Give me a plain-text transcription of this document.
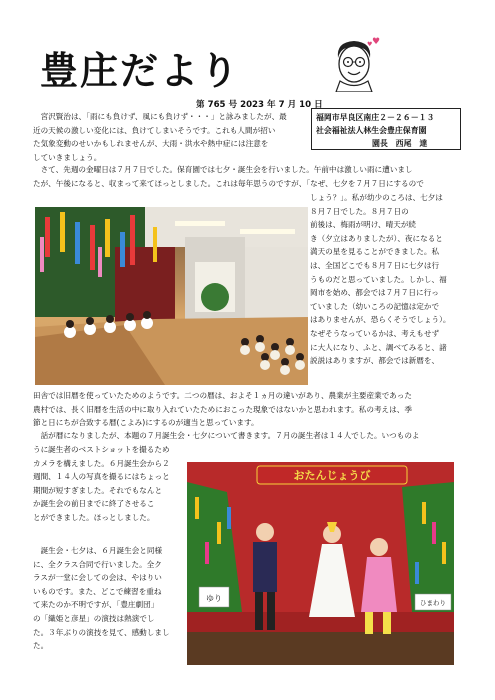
豊庄だより
♥
♥
第 765 号 2023 年 7 月 10 日
福岡市早良区南庄２－２６－１３
社会福祉法人林生会豊庄保育園
園長　西尾　達
　宮沢賢治は、「雨にも負けず、風にも負けず・・・」と詠みましたが、最
近の天候の激しい変化には、負けてしまいそうです。これも人間が招い
た気象変動のせいかもしれませんが、大雨・洪水や熱中症には注意を
していきましょう。
　さて、先週の金曜日は７月７日でした。保育園では七夕・誕生会を行いました。午前中は激しい雨に遭いまし
たが、午後になると、収まって来てほっとしました。これは毎年思うのですが、「なぜ、七夕を７月７日にするので
しょう？」。私が幼少のころは、七夕は
８月７日でした。８月７日の
前後は、梅雨が明け、晴天が続
き（夕立はありましたが）、夜になると
満天の星を見ることができました。私
は、全国どこでも８月７日に七夕は行
うものだと思っていました。しかし、福
岡市を始め、都会では７月７日に行っ
ていました（幼いころの記憶は定かで
はありませんが、恐らくそうでしょう）。
なぜそうなっているかは、考えもせず
に大人になり、ふと、調べてみると、諸
説説はありますが、都会では新暦を、
田舎では旧暦を使っていたためのようです。二つの暦は、およそ１ヵ月の違いがあり、農業が主要産業であった
農村では、長く旧暦を生活の中に取り入れていたためにおこった現象ではないかと思われます。私の考えは、季
節と日にちが合致する暦(こよみ)にするのが適当と思っています。
　話が暦になりましたが、本題の７月誕生会・七夕について書きます。７月の誕生者は１４人でした。いつものよ
うに誕生者のベストショットを撮るため
カメラを構えました。６月誕生会から２
週間、１４人の写真を撮るにはちょっと
期間が短すぎました。それでもなんと
か誕生会の前日までに終了させるこ
とができました。ほっとしました。
おたんじょうび
ゆり	ひまわり
　誕生会・七夕は、６月誕生会と同様
に、全クラス合同で行いました。全ク
ラスが一堂に会しての会は、やはりい
いものです。また、どこで練習を重ね
て来たのか不明ですが、「豊庄劇団」
の「織姫と彦星」の演技は熱演でし
た。３年ぶりの演技を見て、感動しまし
た。
